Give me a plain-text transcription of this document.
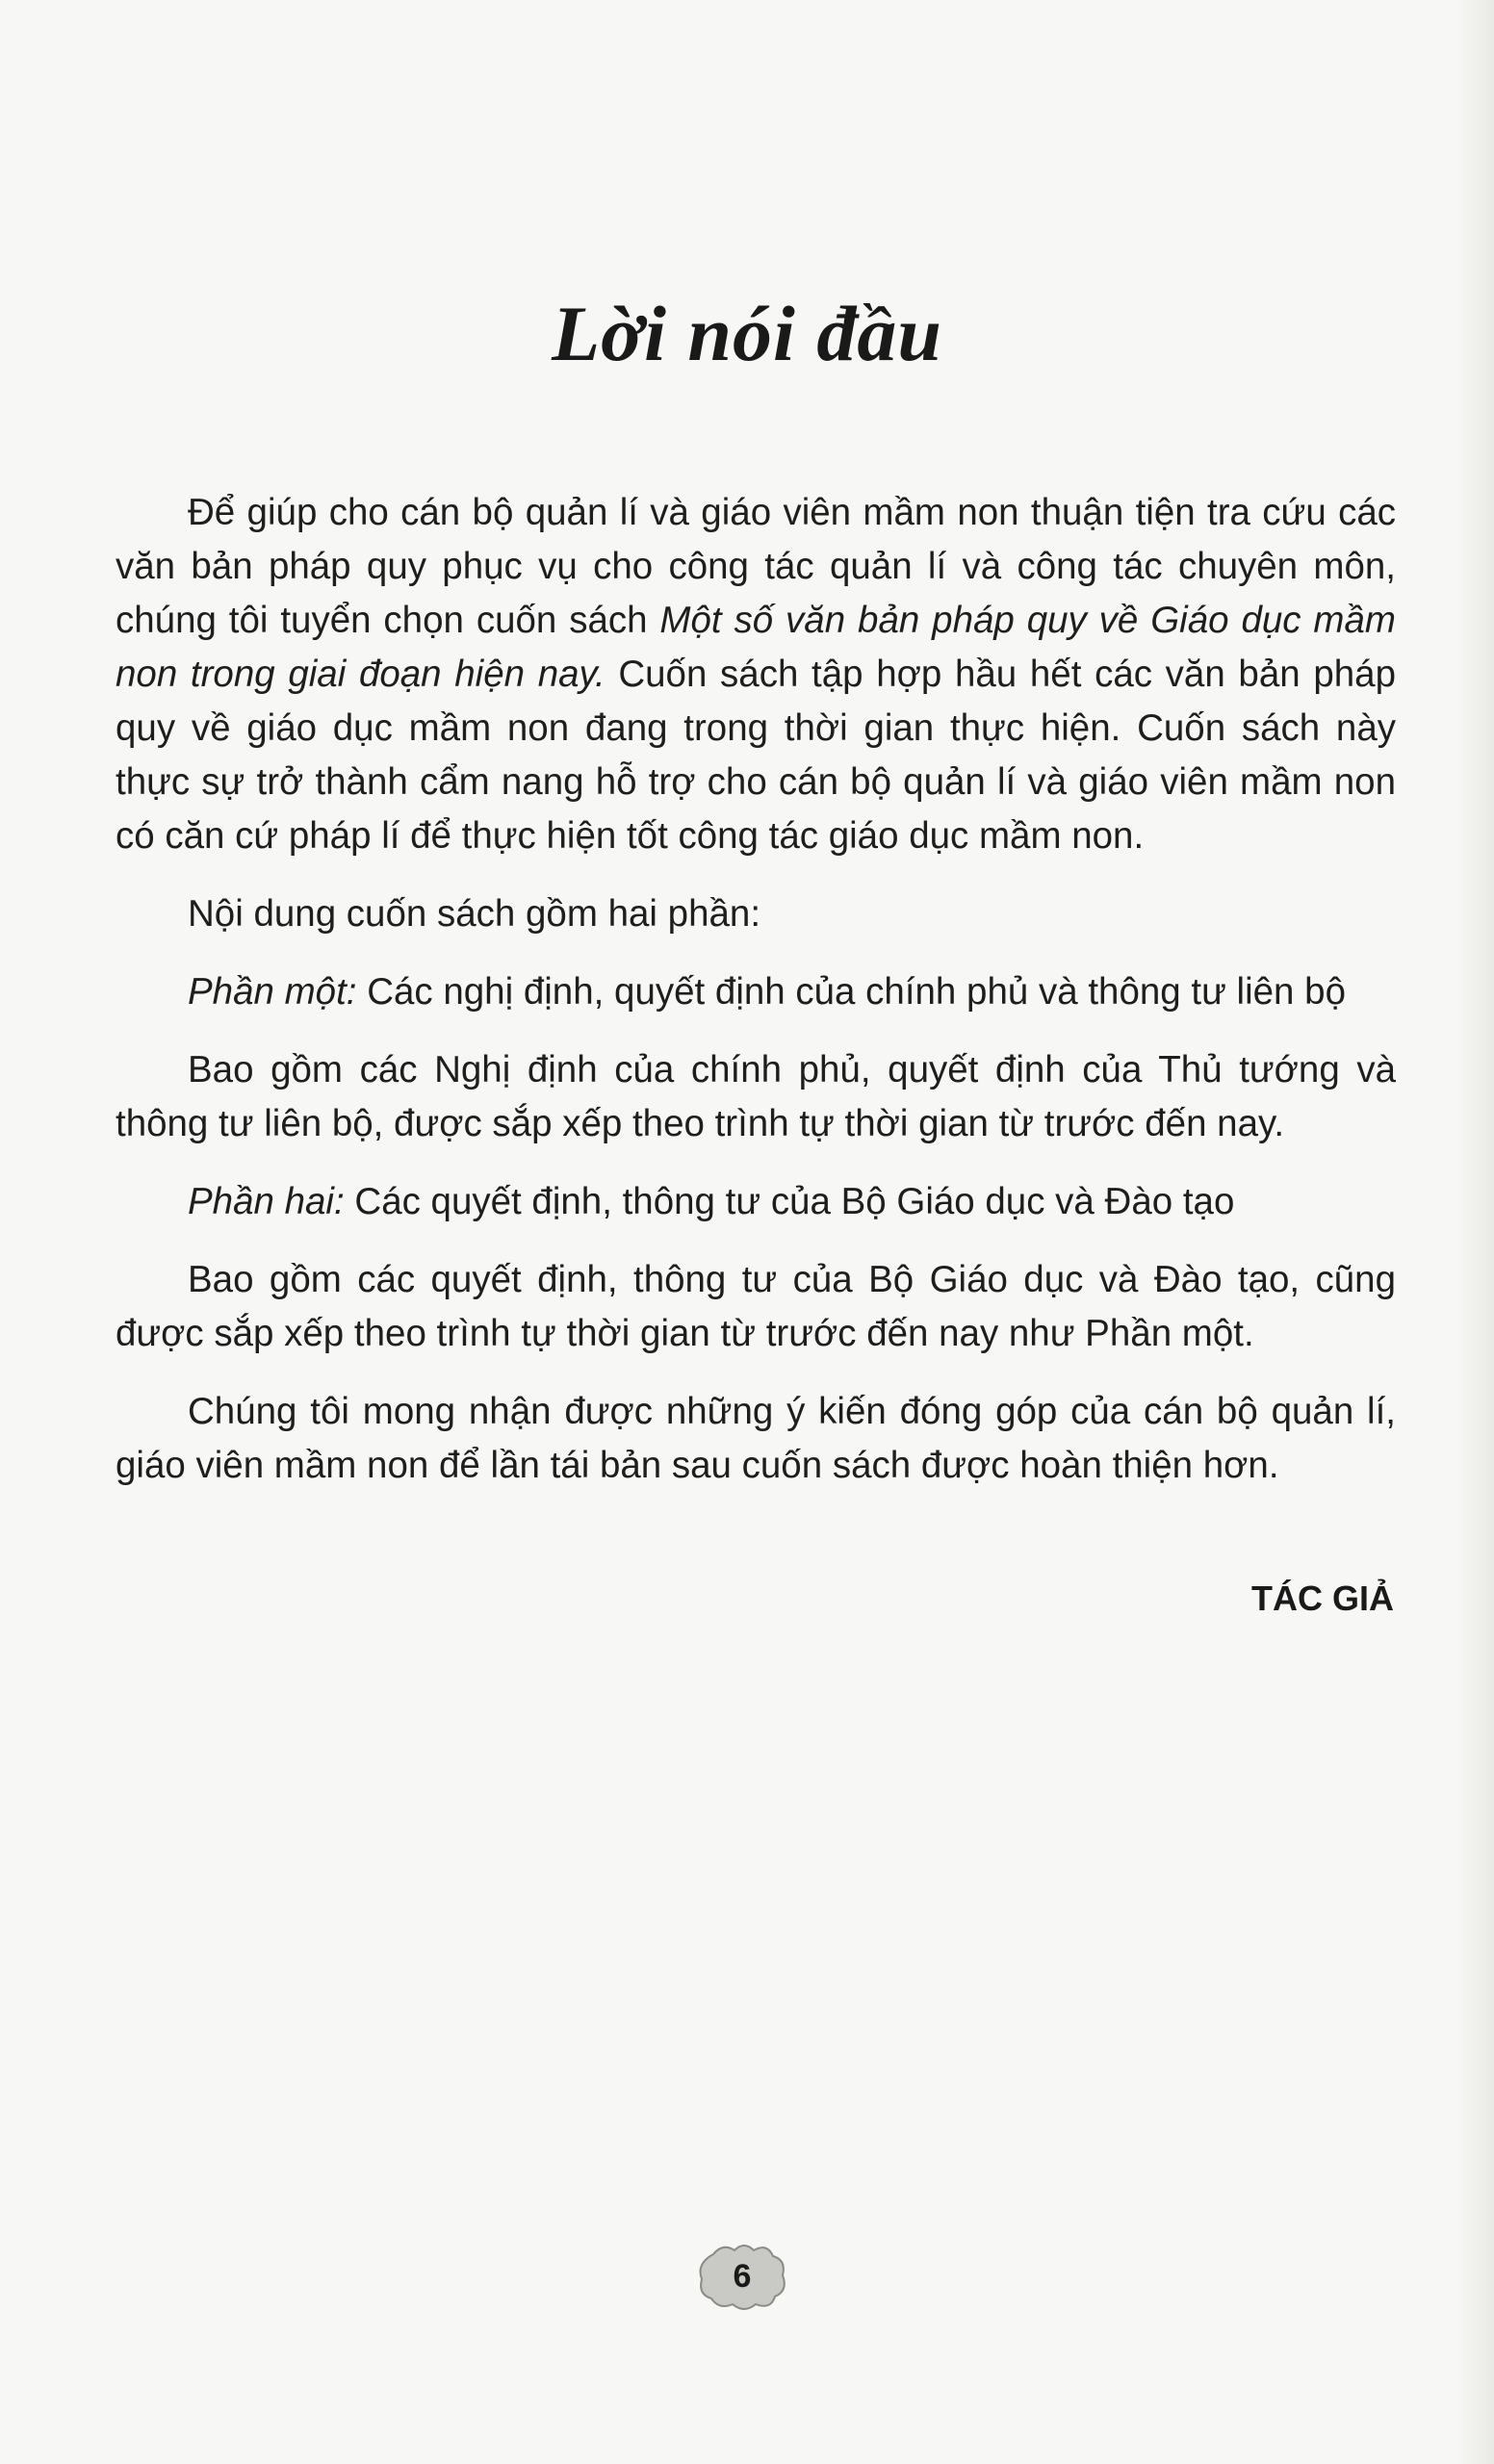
Lời nói đầu

Để giúp cho cán bộ quản lí và giáo viên mầm non thuận tiện tra cứu các văn bản pháp quy phục vụ cho công tác quản lí và công tác chuyên môn, chúng tôi tuyển chọn cuốn sách Một số văn bản pháp quy về Giáo dục mầm non trong giai đoạn hiện nay. Cuốn sách tập hợp hầu hết các văn bản pháp quy về giáo dục mầm non đang trong thời gian thực hiện. Cuốn sách này thực sự trở thành cẩm nang hỗ trợ cho cán bộ quản lí và giáo viên mầm non có căn cứ pháp lí để thực hiện tốt công tác giáo dục mầm non.

Nội dung cuốn sách gồm hai phần:

Phần một: Các nghị định, quyết định của chính phủ và thông tư liên bộ

Bao gồm các Nghị định của chính phủ, quyết định của Thủ tướng và thông tư liên bộ, được sắp xếp theo trình tự thời gian từ trước đến nay.

Phần hai: Các quyết định, thông tư của Bộ Giáo dục và Đào tạo

Bao gồm các quyết định, thông tư của Bộ Giáo dục và Đào tạo, cũng được sắp xếp theo trình tự thời gian từ trước đến nay như Phần một.

Chúng tôi mong nhận được những ý kiến đóng góp của cán bộ quản lí, giáo viên mầm non để lần tái bản sau cuốn sách được hoàn thiện hơn.

TÁC GIẢ
6
